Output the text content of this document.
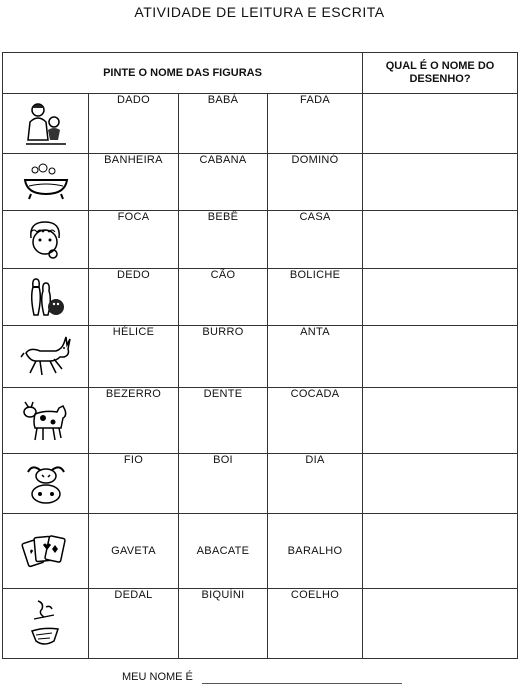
ATIVIDADE DE LEITURA E ESCRITA
PINTE O NOME DAS FIGURAS				QUAL É O NOME DO DESENHO?

	DADO	BABÁ	FADA	

	BANHEIRA	CABANA	DOMINÓ	

	FOCA	BEBÊ	CASA	

	DEDO	CÃO	BOLICHE	

	HÉLICE	BURRO	ANTA	

	BEZERRO	DENTE	COCADA	

	FIO	BOI	DIA	

	GAVETA	ABACATE	BARALHO	

	DEDAL	BIQUÍNI	COELHO	
MEU NOME É
